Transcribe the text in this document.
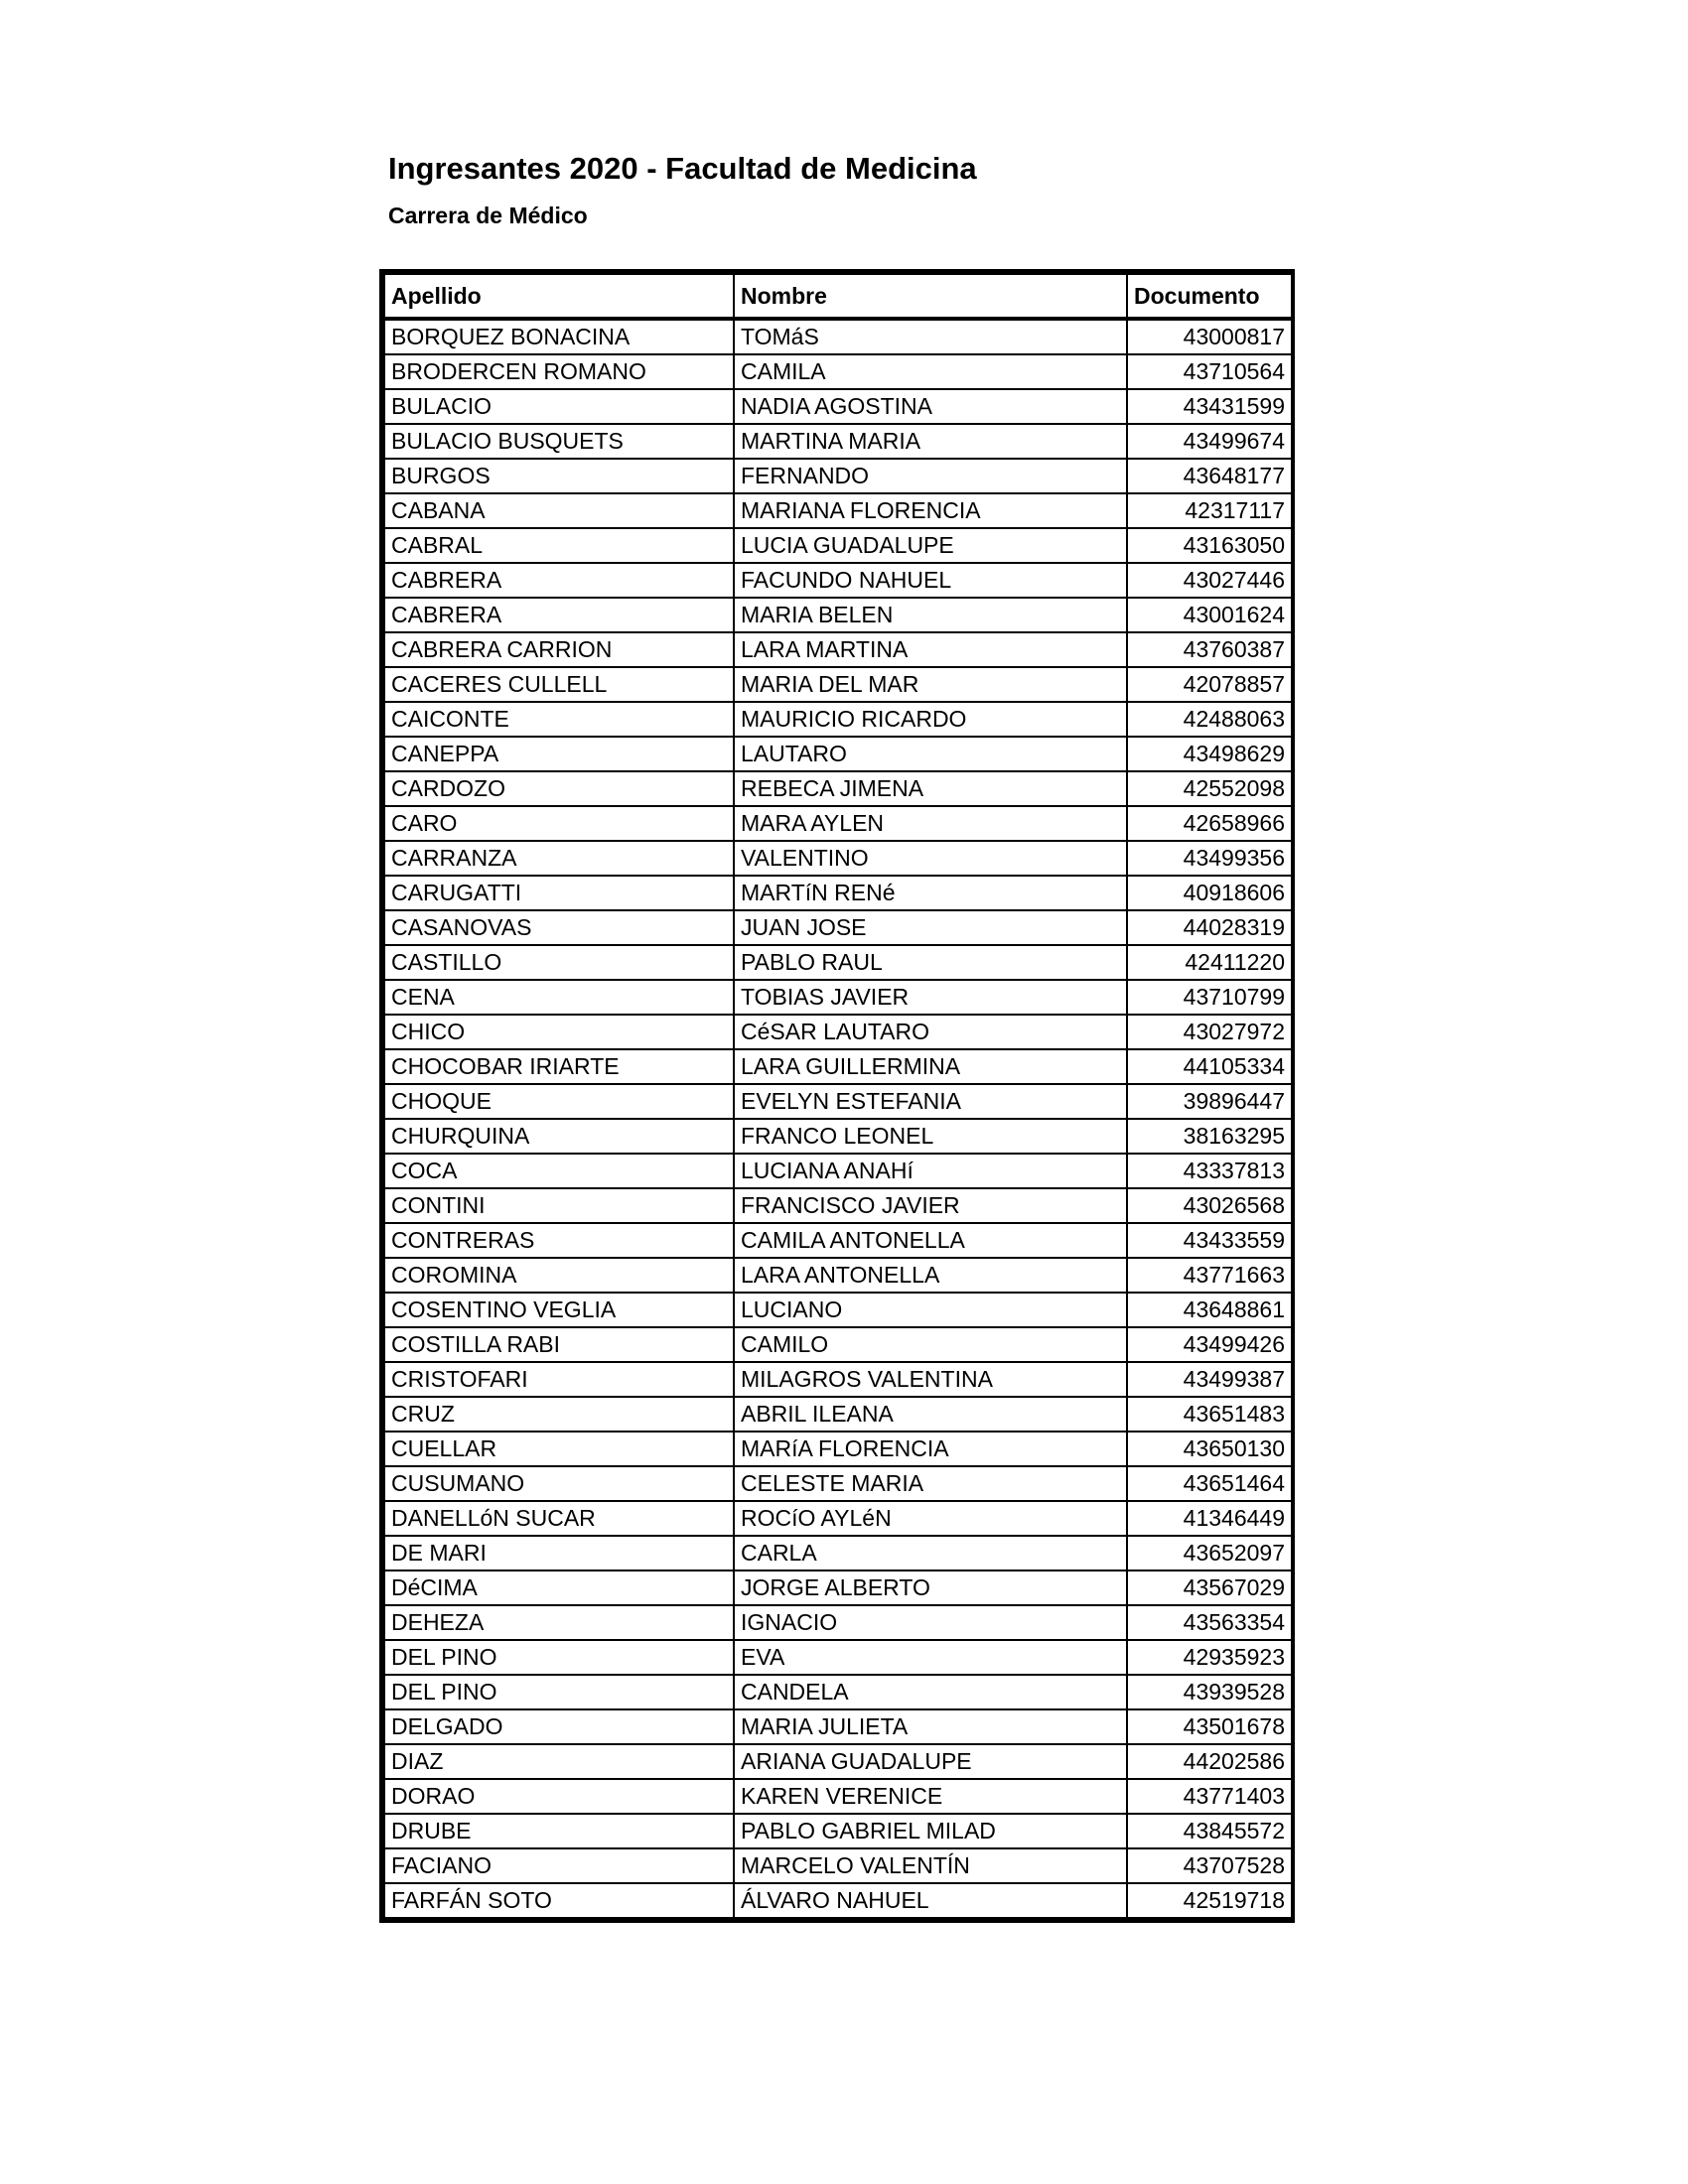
Ingresantes 2020 - Facultad de Medicina
Carrera de Médico
Apellido	Nombre	Documento
BORQUEZ BONACINA	TOMáS	43000817
BRODERCEN ROMANO	CAMILA	43710564
BULACIO	NADIA AGOSTINA	43431599
BULACIO BUSQUETS	MARTINA MARIA	43499674
BURGOS	FERNANDO	43648177
CABANA	MARIANA FLORENCIA	42317117
CABRAL	LUCIA GUADALUPE	43163050
CABRERA	FACUNDO NAHUEL	43027446
CABRERA	MARIA BELEN	43001624
CABRERA CARRION	LARA MARTINA	43760387
CACERES CULLELL	MARIA DEL MAR	42078857
CAICONTE	MAURICIO RICARDO	42488063
CANEPPA	LAUTARO	43498629
CARDOZO	REBECA JIMENA	42552098
CARO	MARA AYLEN	42658966
CARRANZA	VALENTINO	43499356
CARUGATTI	MARTíN RENé	40918606
CASANOVAS	JUAN JOSE	44028319
CASTILLO	PABLO RAUL	42411220
CENA	TOBIAS JAVIER	43710799
CHICO	CéSAR LAUTARO	43027972
CHOCOBAR IRIARTE	LARA GUILLERMINA	44105334
CHOQUE	EVELYN ESTEFANIA	39896447
CHURQUINA	FRANCO LEONEL	38163295
COCA	LUCIANA ANAHí	43337813
CONTINI	FRANCISCO JAVIER	43026568
CONTRERAS	CAMILA ANTONELLA	43433559
COROMINA	LARA ANTONELLA	43771663
COSENTINO VEGLIA	LUCIANO	43648861
COSTILLA RABI	CAMILO	43499426
CRISTOFARI	MILAGROS VALENTINA	43499387
CRUZ	ABRIL ILEANA	43651483
CUELLAR	MARíA FLORENCIA	43650130
CUSUMANO	CELESTE MARIA	43651464
DANELLóN SUCAR	ROCíO AYLéN	41346449
DE MARI	CARLA	43652097
DéCIMA	JORGE ALBERTO	43567029
DEHEZA	IGNACIO	43563354
DEL PINO	EVA	42935923
DEL PINO	CANDELA	43939528
DELGADO	MARIA JULIETA	43501678
DIAZ	ARIANA GUADALUPE	44202586
DORAO	KAREN VERENICE	43771403
DRUBE	PABLO GABRIEL MILAD	43845572
FACIANO	MARCELO VALENTÍN	43707528
FARFÁN SOTO	ÁLVARO NAHUEL	42519718
